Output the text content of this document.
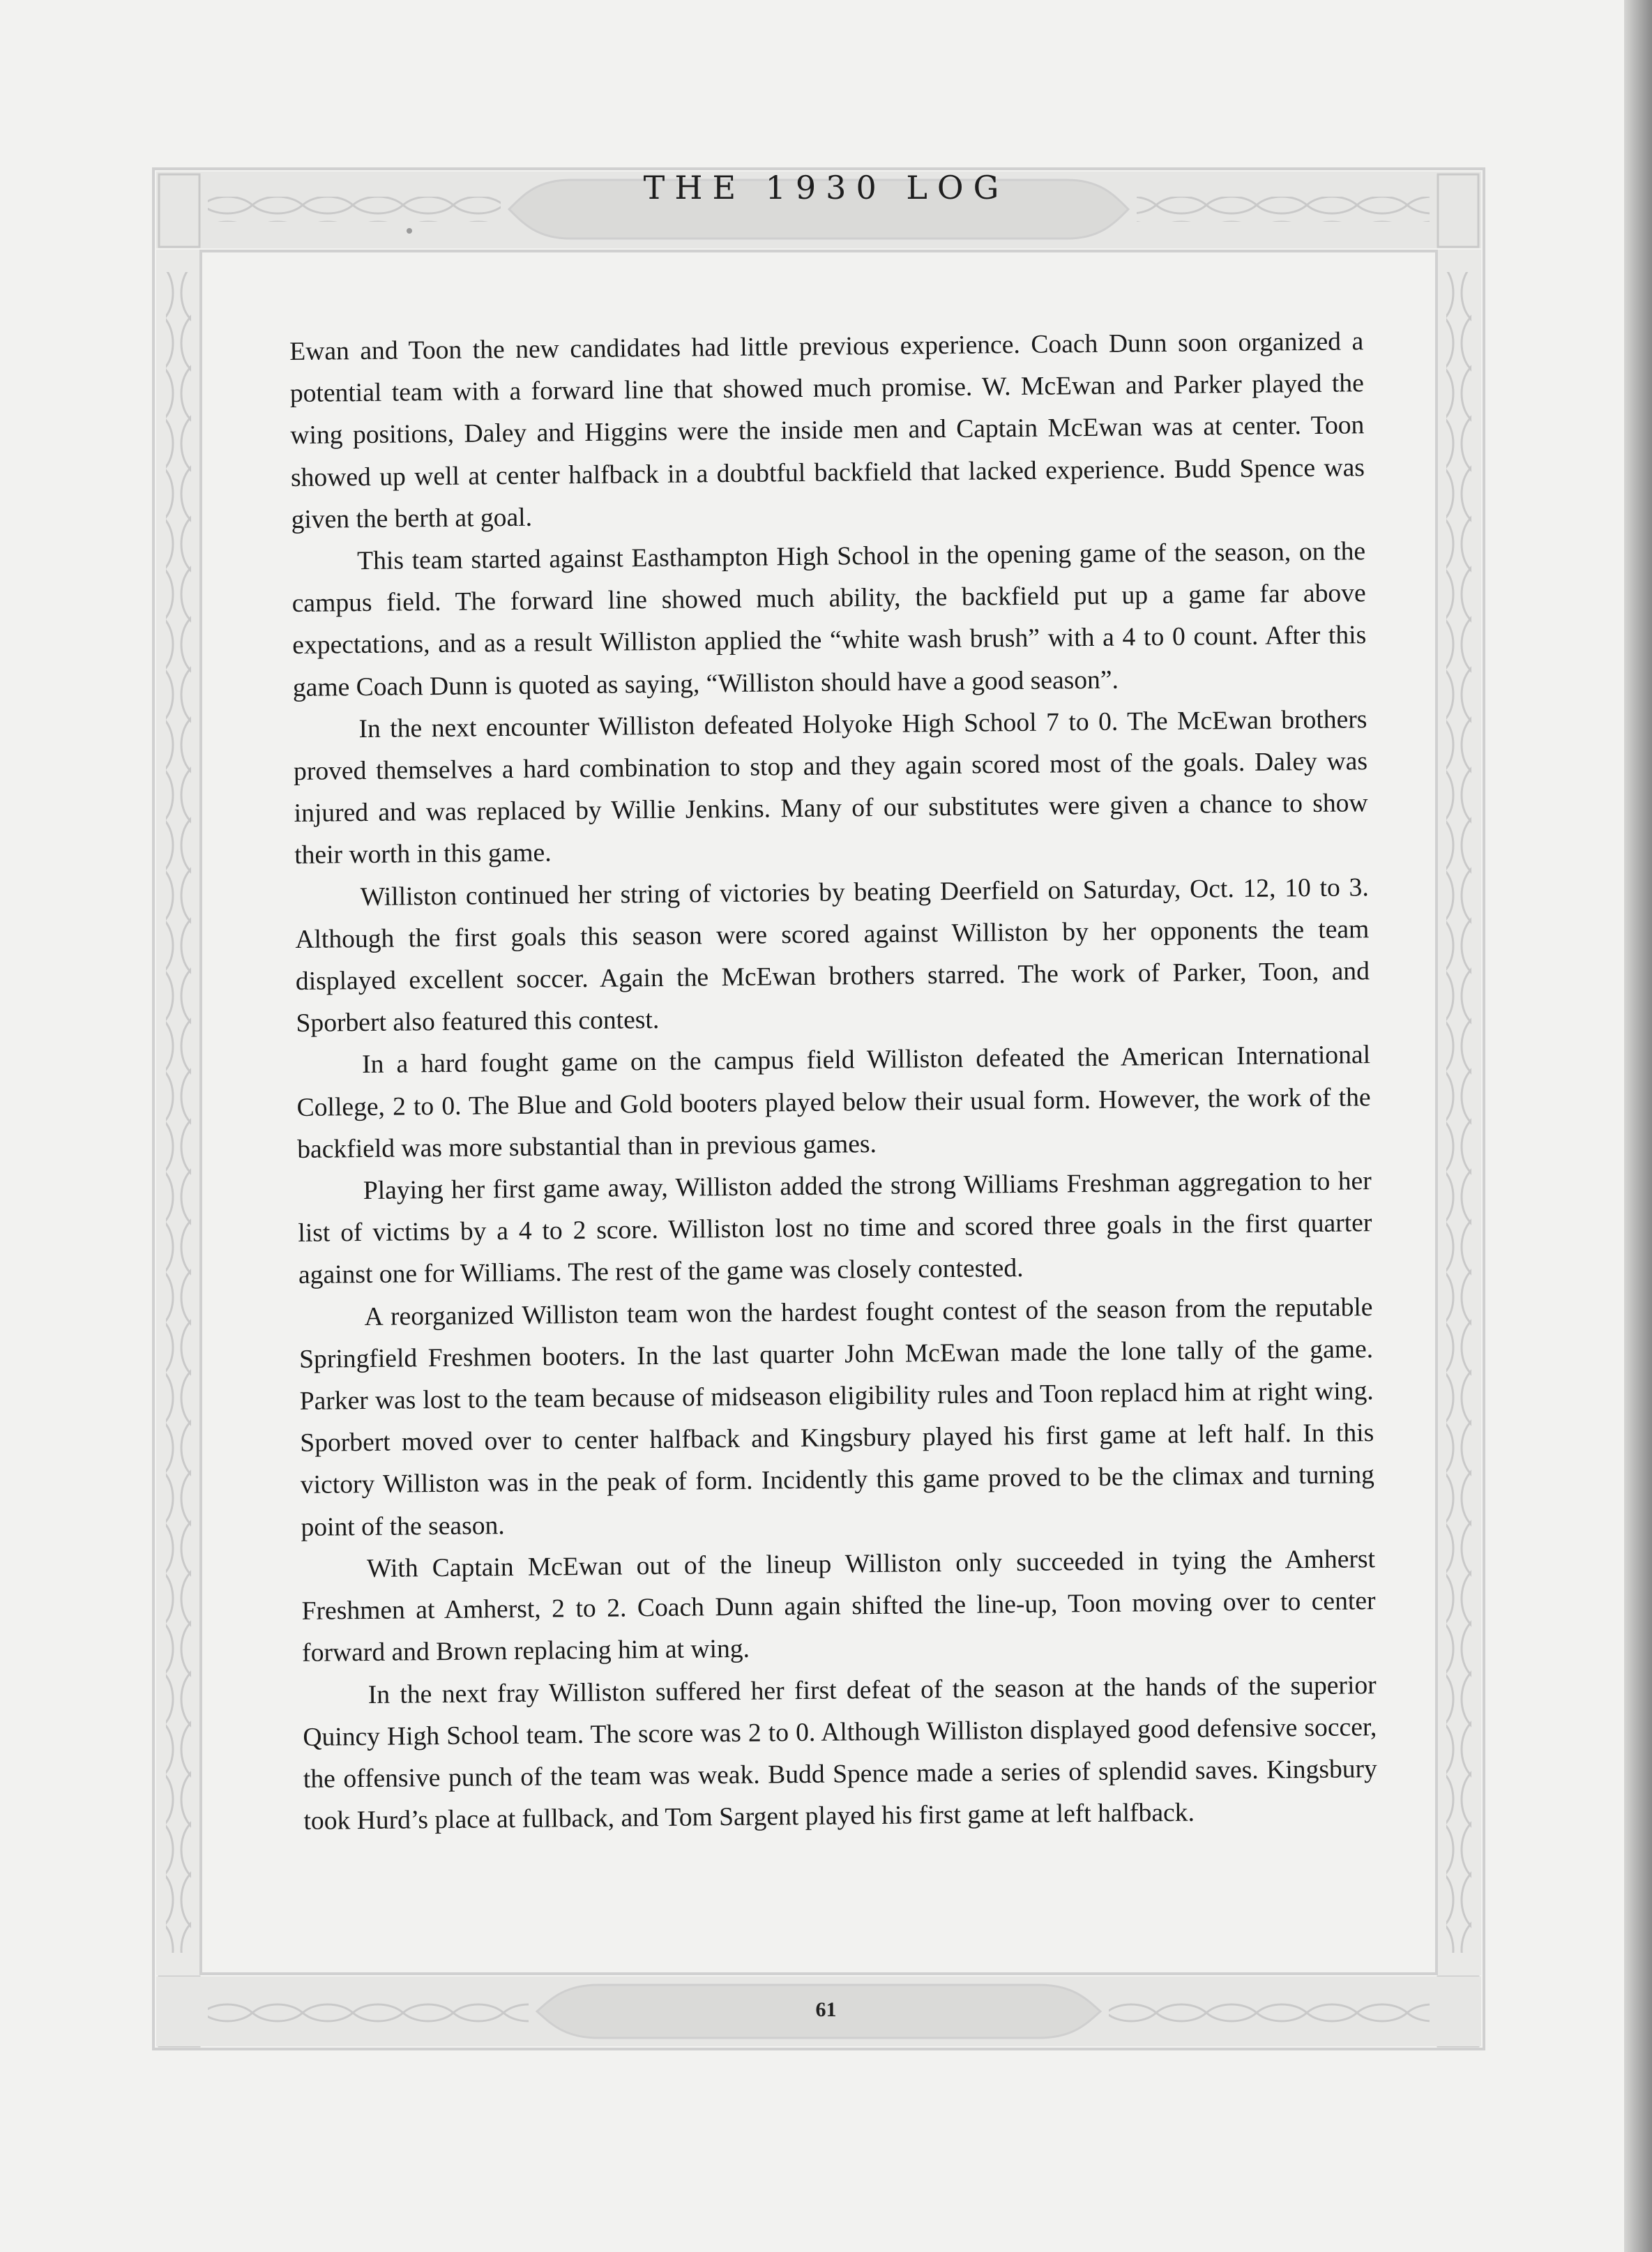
THE 1930 LOG

Ewan and Toon the new candidates had little previous experience. Coach Dunn soon organized a potential team with a forward line that showed much promise. W. McEwan and Parker played the wing positions, Daley and Higgins were the inside men and Captain McEwan was at center. Toon showed up well at center halfback in a doubtful backfield that lacked experience. Budd Spence was given the berth at goal.

This team started against Easthampton High School in the opening game of the season, on the campus field. The forward line showed much ability, the backfield put up a game far above expectations, and as a result Williston applied the “white wash brush” with a 4 to 0 count. After this game Coach Dunn is quoted as saying, “Williston should have a good season”.

In the next encounter Williston defeated Holyoke High School 7 to 0. The McEwan brothers proved themselves a hard combination to stop and they again scored most of the goals. Daley was injured and was replaced by Willie Jenkins. Many of our substitutes were given a chance to show their worth in this game.

Williston continued her string of victories by beating Deerfield on Saturday, Oct. 12, 10 to 3. Although the first goals this season were scored against Williston by her opponents the team displayed excellent soccer. Again the McEwan brothers starred. The work of Parker, Toon, and Sporbert also featured this contest.

In a hard fought game on the campus field Williston defeated the American International College, 2 to 0. The Blue and Gold booters played below their usual form. However, the work of the backfield was more substantial than in previous games.

Playing her first game away, Williston added the strong Williams Freshman aggregation to her list of victims by a 4 to 2 score. Williston lost no time and scored three goals in the first quarter against one for Williams. The rest of the game was closely contested.

A reorganized Williston team won the hardest fought contest of the season from the reputable Springfield Freshmen booters. In the last quarter John McEwan made the lone tally of the game. Parker was lost to the team because of midseason eligibility rules and Toon replacd him at right wing. Sporbert moved over to center halfback and Kingsbury played his first game at left half. In this victory Williston was in the peak of form. Incidently this game proved to be the climax and turning point of the season.

With Captain McEwan out of the lineup Williston only succeeded in tying the Amherst Freshmen at Amherst, 2 to 2. Coach Dunn again shifted the line-up, Toon moving over to center forward and Brown replacing him at wing.

In the next fray Williston suffered her first defeat of the season at the hands of the superior Quincy High School team. The score was 2 to 0. Although Williston displayed good defensive soccer, the offensive punch of the team was weak. Budd Spence made a series of splendid saves. Kingsbury took Hurd’s place at fullback, and Tom Sargent played his first game at left halfback.

61
